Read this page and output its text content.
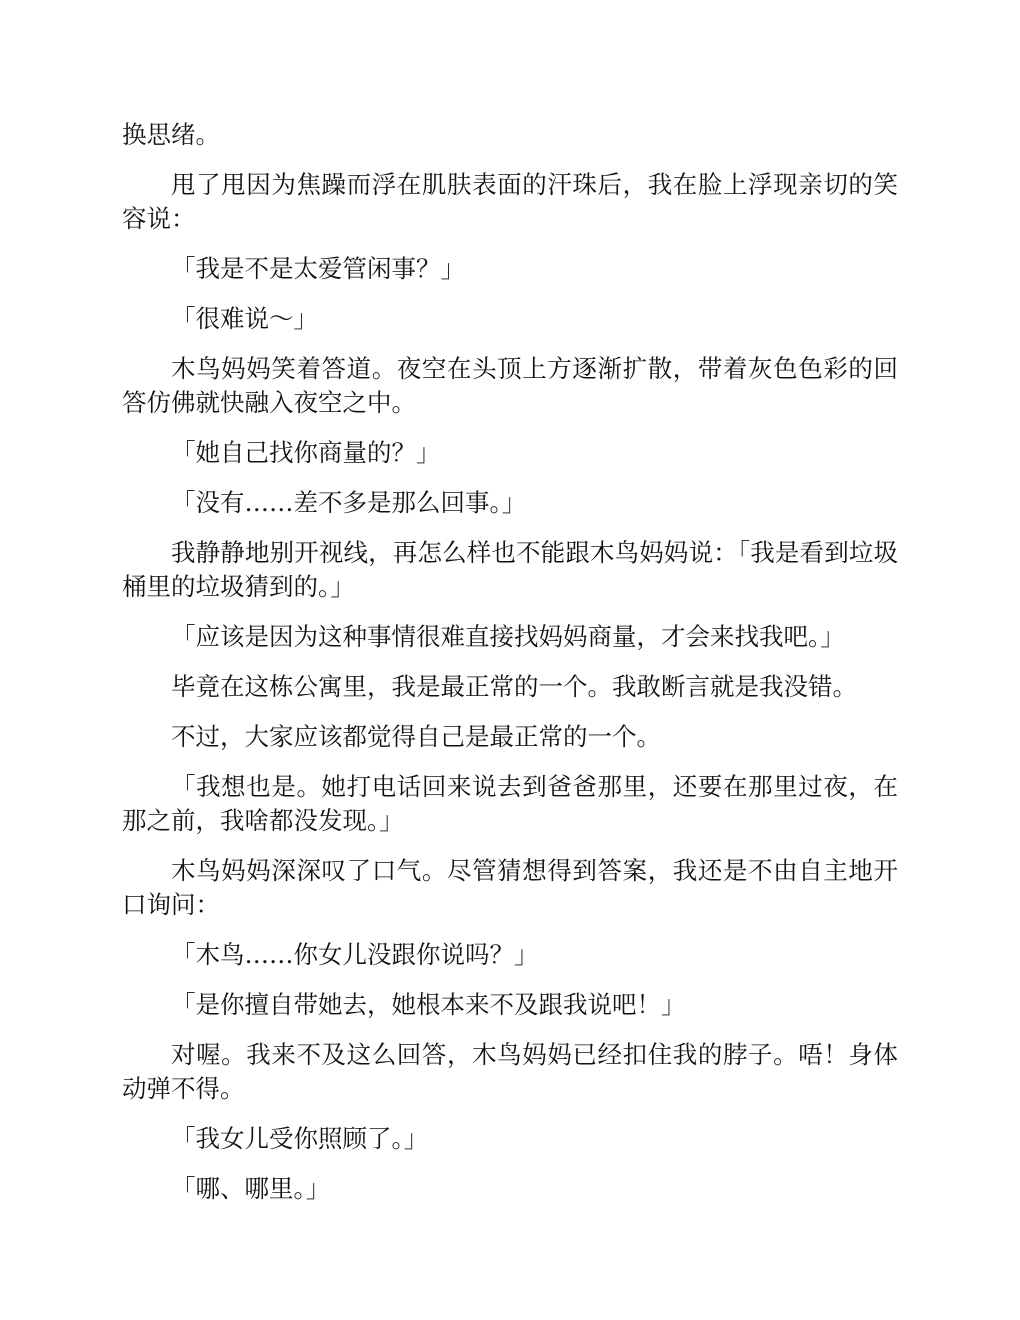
换思绪。

甩了甩因为焦躁而浮在肌肤表面的汗珠后，我在脸上浮现亲切的笑容说：

「我是不是太爱管闲事？」

「很难说～」

木鸟妈妈笑着答道。夜空在头顶上方逐渐扩散，带着灰色色彩的回答仿佛就快融入夜空之中。

「她自己找你商量的？」

「没有……差不多是那么回事。」

我静静地别开视线，再怎么样也不能跟木鸟妈妈说：「我是看到垃圾桶里的垃圾猜到的。」

「应该是因为这种事情很难直接找妈妈商量，才会来找我吧。」

毕竟在这栋公寓里，我是最正常的一个。我敢断言就是我没错。

不过，大家应该都觉得自己是最正常的一个。

「我想也是。她打电话回来说去到爸爸那里，还要在那里过夜，在那之前，我啥都没发现。」

木鸟妈妈深深叹了口气。尽管猜想得到答案，我还是不由自主地开口询问：

「木鸟……你女儿没跟你说吗？」

「是你擅自带她去，她根本来不及跟我说吧！」

对喔。我来不及这么回答，木鸟妈妈已经扣住我的脖子。唔！身体动弹不得。

「我女儿受你照顾了。」

「哪、哪里。」
